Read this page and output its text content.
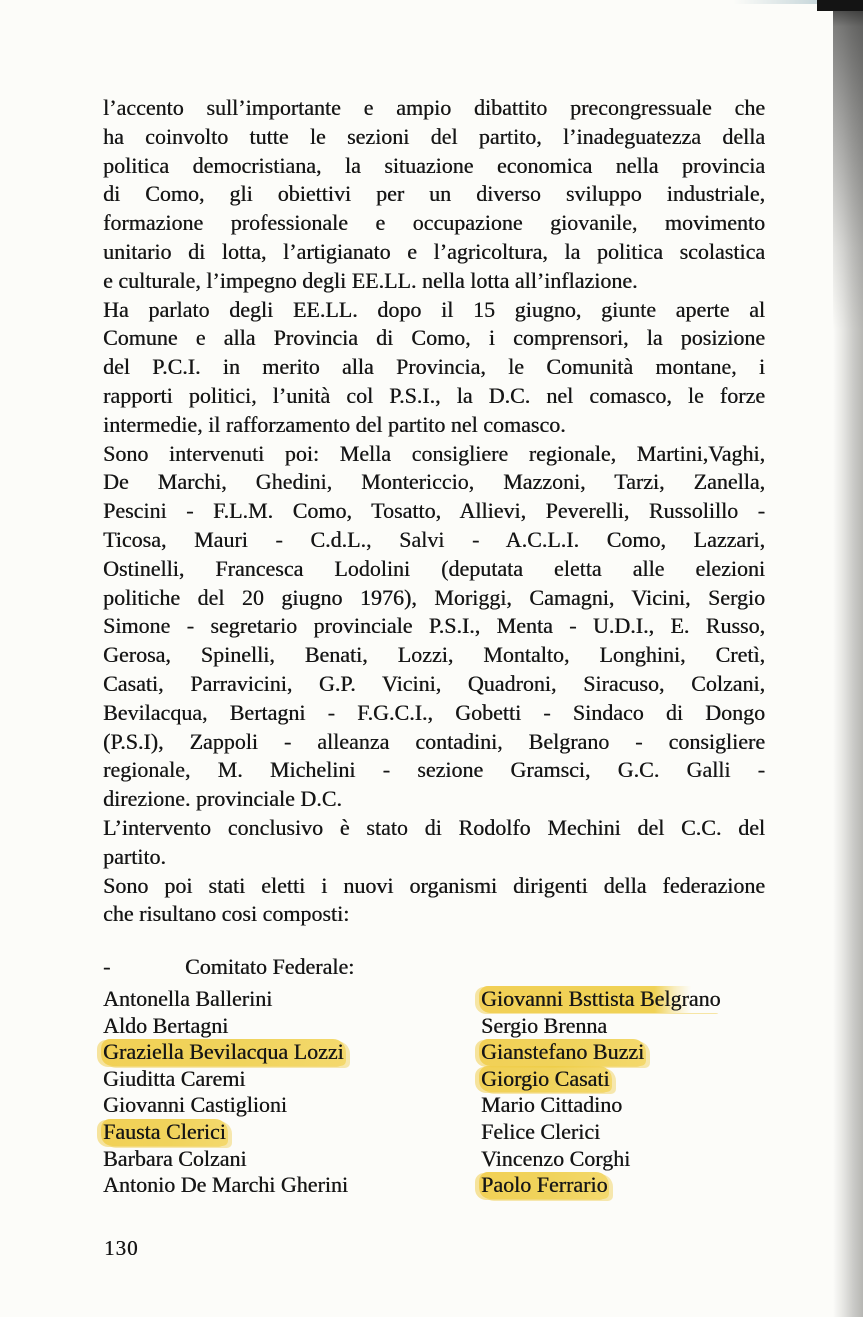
l’accento sull’importante e ampio dibattito precongressuale che
ha coinvolto tutte le sezioni del partito, l’inadeguatezza della
politica democristiana, la situazione economica nella provincia
di Como, gli obiettivi per un diverso sviluppo industriale,
formazione professionale e occupazione giovanile, movimento
unitario di lotta, l’artigianato e l’agricoltura, la politica scolastica
e culturale, l’impegno degli EE.LL. nella lotta all’inflazione.
Ha parlato degli EE.LL. dopo il 15 giugno, giunte aperte al
Comune e alla Provincia di Como, i comprensori, la posizione
del P.C.I. in merito alla Provincia, le Comunità montane, i
rapporti politici, l’unità col P.S.I., la D.C. nel comasco, le forze
intermedie, il rafforzamento del partito nel comasco.
Sono intervenuti poi: Mella consigliere regionale, Martini,Vaghi,
De Marchi, Ghedini, Montericcio, Mazzoni, Tarzi, Zanella,
Pescini - F.L.M. Como, Tosatto, Allievi, Peverelli, Russolillo -
Ticosa, Mauri - C.d.L., Salvi - A.C.L.I. Como, Lazzari,
Ostinelli, Francesca Lodolini (deputata eletta alle elezioni
politiche del 20 giugno 1976), Moriggi, Camagni, Vicini, Sergio
Simone - segretario provinciale P.S.I., Menta - U.D.I., E. Russo,
Gerosa, Spinelli, Benati, Lozzi, Montalto, Longhini, Cretì,
Casati, Parravicini, G.P. Vicini, Quadroni, Siracuso, Colzani,
Bevilacqua, Bertagni - F.G.C.I., Gobetti - Sindaco di Dongo
(P.S.I), Zappoli - alleanza contadini, Belgrano - consigliere
regionale, M. Michelini - sezione Gramsci, G.C. Galli -
direzione. provinciale D.C.
L’intervento conclusivo è stato di Rodolfo Mechini del C.C. del
partito.
Sono poi stati eletti i nuovi organismi dirigenti della federazione
che risultano cosi composti:
-	Comitato Federale:
Antonella Ballerini
Aldo Bertagni
Graziella Bevilacqua Lozzi
Giuditta Caremi
Giovanni Castiglioni
Fausta Clerici
Barbara Colzani
Antonio De Marchi Gherini
Giovanni Bsttista Belgrano
Sergio Brenna
Gianstefano Buzzi
Giorgio Casati
Mario Cittadino
Felice Clerici
Vincenzo Corghi
Paolo Ferrario
130
